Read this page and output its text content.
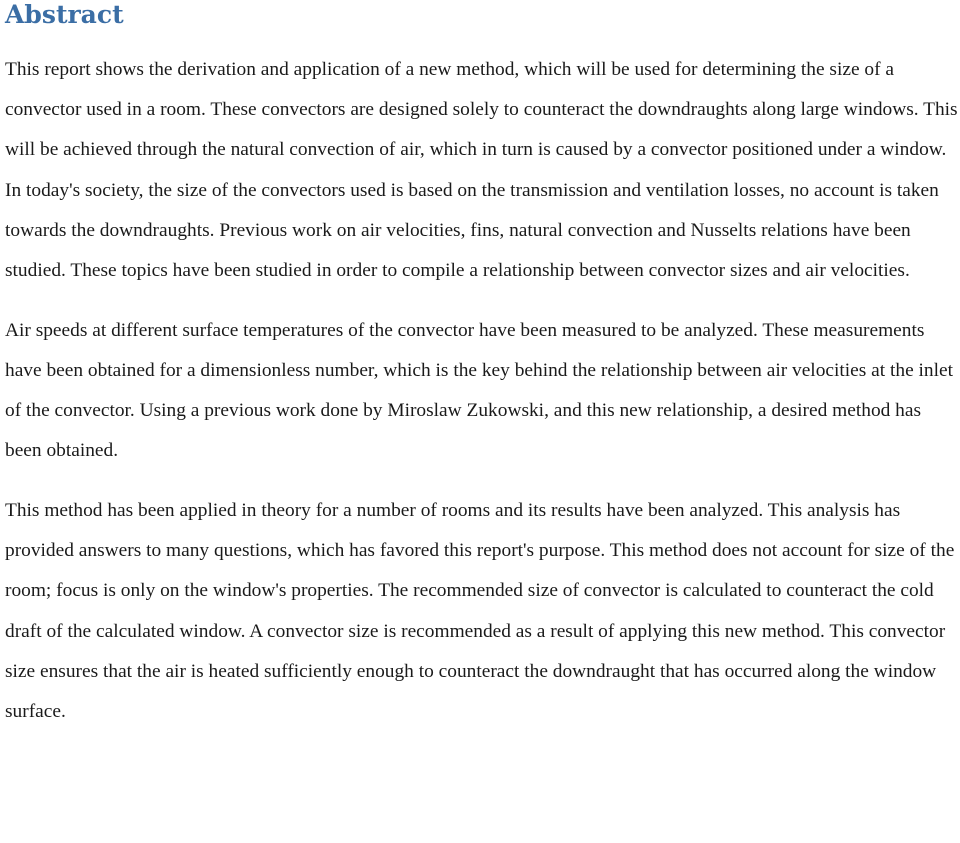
Abstract

This report shows the derivation and application of a new method, which will be used for determining the size of a convector used in a room. These convectors are designed solely to counteract the downdraughts along large windows. This will be achieved through the natural convection of air, which in turn is caused by a convector positioned under a window. In today's society, the size of the convectors used is based on the transmission and ventilation losses, no account is taken towards the downdraughts. Previous work on air velocities, fins, natural convection and Nusselts relations have been studied. These topics have been studied in order to compile a relationship between convector sizes and air velocities.

Air speeds at different surface temperatures of the convector have been measured to be analyzed. These measurements have been obtained for a dimensionless number, which is the key behind the relationship between air velocities at the inlet of the convector. Using a previous work done by Miroslaw Zukowski, and this new relationship, a desired method has been obtained.

This method has been applied in theory for a number of rooms and its results have been analyzed. This analysis has provided answers to many questions, which has favored this report's purpose. This method does not account for size of the room; focus is only on the window's properties. The recommended size of convector is calculated to counteract the cold draft of the calculated window. A convector size is recommended as a result of applying this new method. This convector size ensures that the air is heated sufficiently enough to counteract the downdraught that has occurred along the window surface.
